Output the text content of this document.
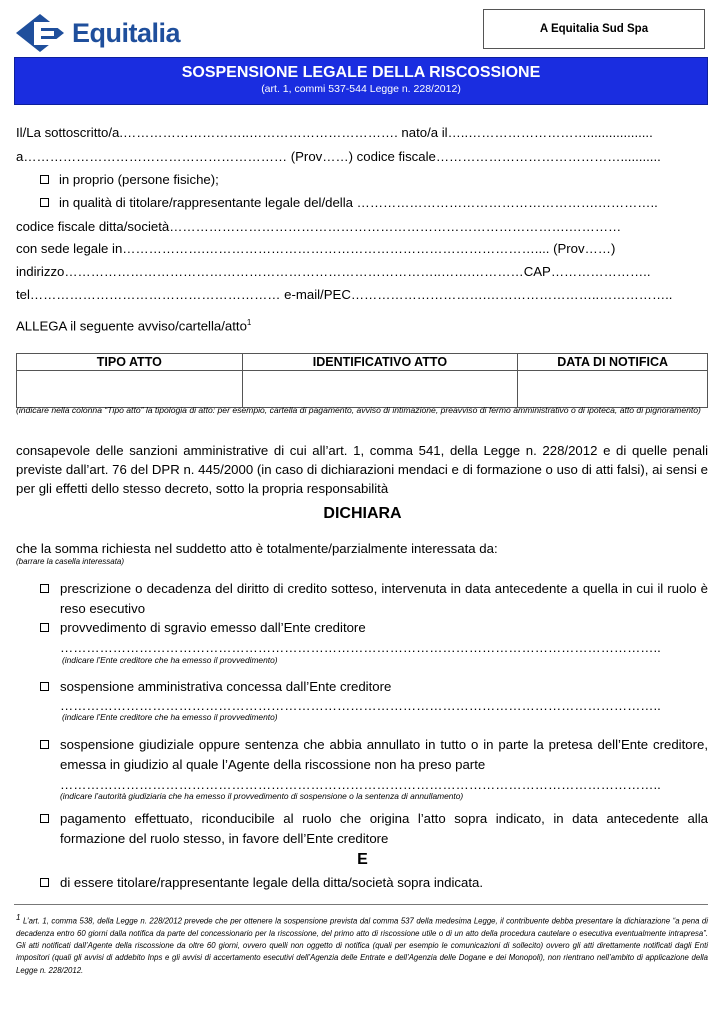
Equitalia	A Equitalia Sud Spa
SOSPENSIONE LEGALE DELLA RISCOSSIONE
(art. 1, commi 537-544 Legge n. 228/2012)
Il/La sottoscritto/a.………………………..……………………………. nato/a il…..………………………..................
a…………………………………………………… (Prov……) codice fiscale……………………………………...........
in proprio (persone fisiche);
in qualità di titolare/rappresentante legale del/della ……………………………………………….…………..
codice fiscale ditta/società……………………………………………………………………………….…………
con sede legale in……………….………………………………………………………………….... (Prov……)
indirizzo…………………………………………………………………………..…….…………CAP…………………..
tel………………………………………………… e-mail/PEC………………………….……………………..……………..
ALLEGA il seguente avviso/cartella/atto$^1$
TIPO ATTO	IDENTIFICATIVO ATTO	DATA DI NOTIFICA

(indicare nella colonna “Tipo atto” la tipologia di atto: per esempio, cartella di pagamento, avviso di intimazione, preavviso di fermo amministrativo o di ipoteca, atto di pignoramento)
consapevole delle sanzioni amministrative di cui all’art. 1, comma 541, della Legge n. 228/2012 e di quelle penali previste dall’art. 76 del DPR n. 445/2000 (in caso di dichiarazioni mendaci e di formazione o uso di atti falsi), ai sensi e per gli effetti dello stesso decreto, sotto la propria responsabilità
DICHIARA
che la somma richiesta nel suddetto atto è totalmente/parzialmente interessata da:
(barrare la casella interessata)
prescrizione o decadenza del diritto di credito sotteso, intervenuta in data antecedente a quella in cui il ruolo è reso esecutivo
provvedimento di sgravio emesso dall’Ente creditore
………………………………………………………………………………………………………………………..
(indicare l’Ente creditore che ha emesso il provvedimento)
sospensione amministrativa concessa dall’Ente creditore
………………………………………………………………………………………………………………………..
(indicare l’Ente creditore che ha emesso il provvedimento)
sospensione giudiziale oppure sentenza che abbia annullato in tutto o in parte la pretesa dell’Ente creditore, emessa in giudizio al quale l’Agente della riscossione non ha preso parte
………………………………………………………………………………………………………………………..
(indicare l’autorità giudiziaria che ha emesso il provvedimento di sospensione o la sentenza di annullamento)
pagamento effettuato, riconducibile al ruolo che origina l’atto sopra indicato, in data antecedente alla formazione del ruolo stesso, in favore dell’Ente creditore
E
di essere titolare/rappresentante legale della ditta/società sopra indicata.
$^1$ L’art. 1, comma 538, della Legge n. 228/2012 prevede che per ottenere la sospensione prevista dal comma 537 della medesima Legge, il contribuente debba presentare la dichiarazione “a pena di decadenza entro 60 giorni dalla notifica da parte del concessionario per la riscossione, del primo atto di riscossione utile o di un atto della procedura cautelare o esecutiva eventualmente intrapresa”. Gli atti notificati dall’Agente della riscossione da oltre 60 giorni, ovvero quelli non oggetto di notifica (quali per esempio le comunicazioni di sollecito) ovvero gli atti direttamente notificati dagli Enti impositori (quali gli avvisi di addebito Inps e gli avvisi di accertamento esecutivi dell’Agenzia delle Entrate e dell’Agenzia delle Dogane e dei Monopoli), non rientrano nell’ambito di applicazione della Legge n. 228/2012.
